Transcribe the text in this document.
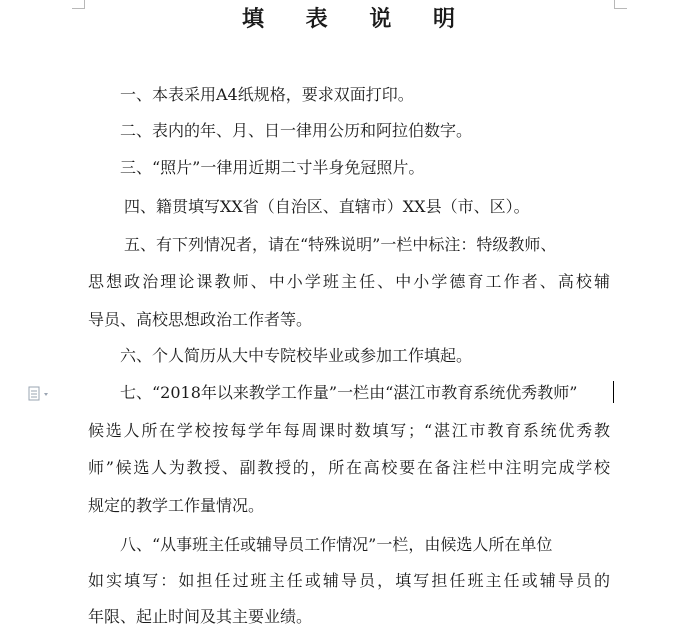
填 表 说 明
一、本表采用A4纸规格，要求双面打印。
二、表内的年、月、日一律用公历和阿拉伯数字。
三、“照片”一律用近期二寸半身免冠照片。
四、籍贯填写XX省（自治区、直辖市）XX县（市、区）。
五、有下列情况者，请在“特殊说明”一栏中标注：特级教师、
思想政治理论课教师、中小学班主任、中小学德育工作者、高校辅
导员、高校思想政治工作者等。
六、个人简历从大中专院校毕业或参加工作填起。
七、“2018年以来教学工作量”一栏由“湛江市教育系统优秀教师”
候选人所在学校按每学年每周课时数填写；“湛江市教育系统优秀教
师”候选人为教授、副教授的，所在高校要在备注栏中注明完成学校
规定的教学工作量情况。
八、“从事班主任或辅导员工作情况”一栏，由候选人所在单位
如实填写：如担任过班主任或辅导员，填写担任班主任或辅导员的
年限、起止时间及其主要业绩。
